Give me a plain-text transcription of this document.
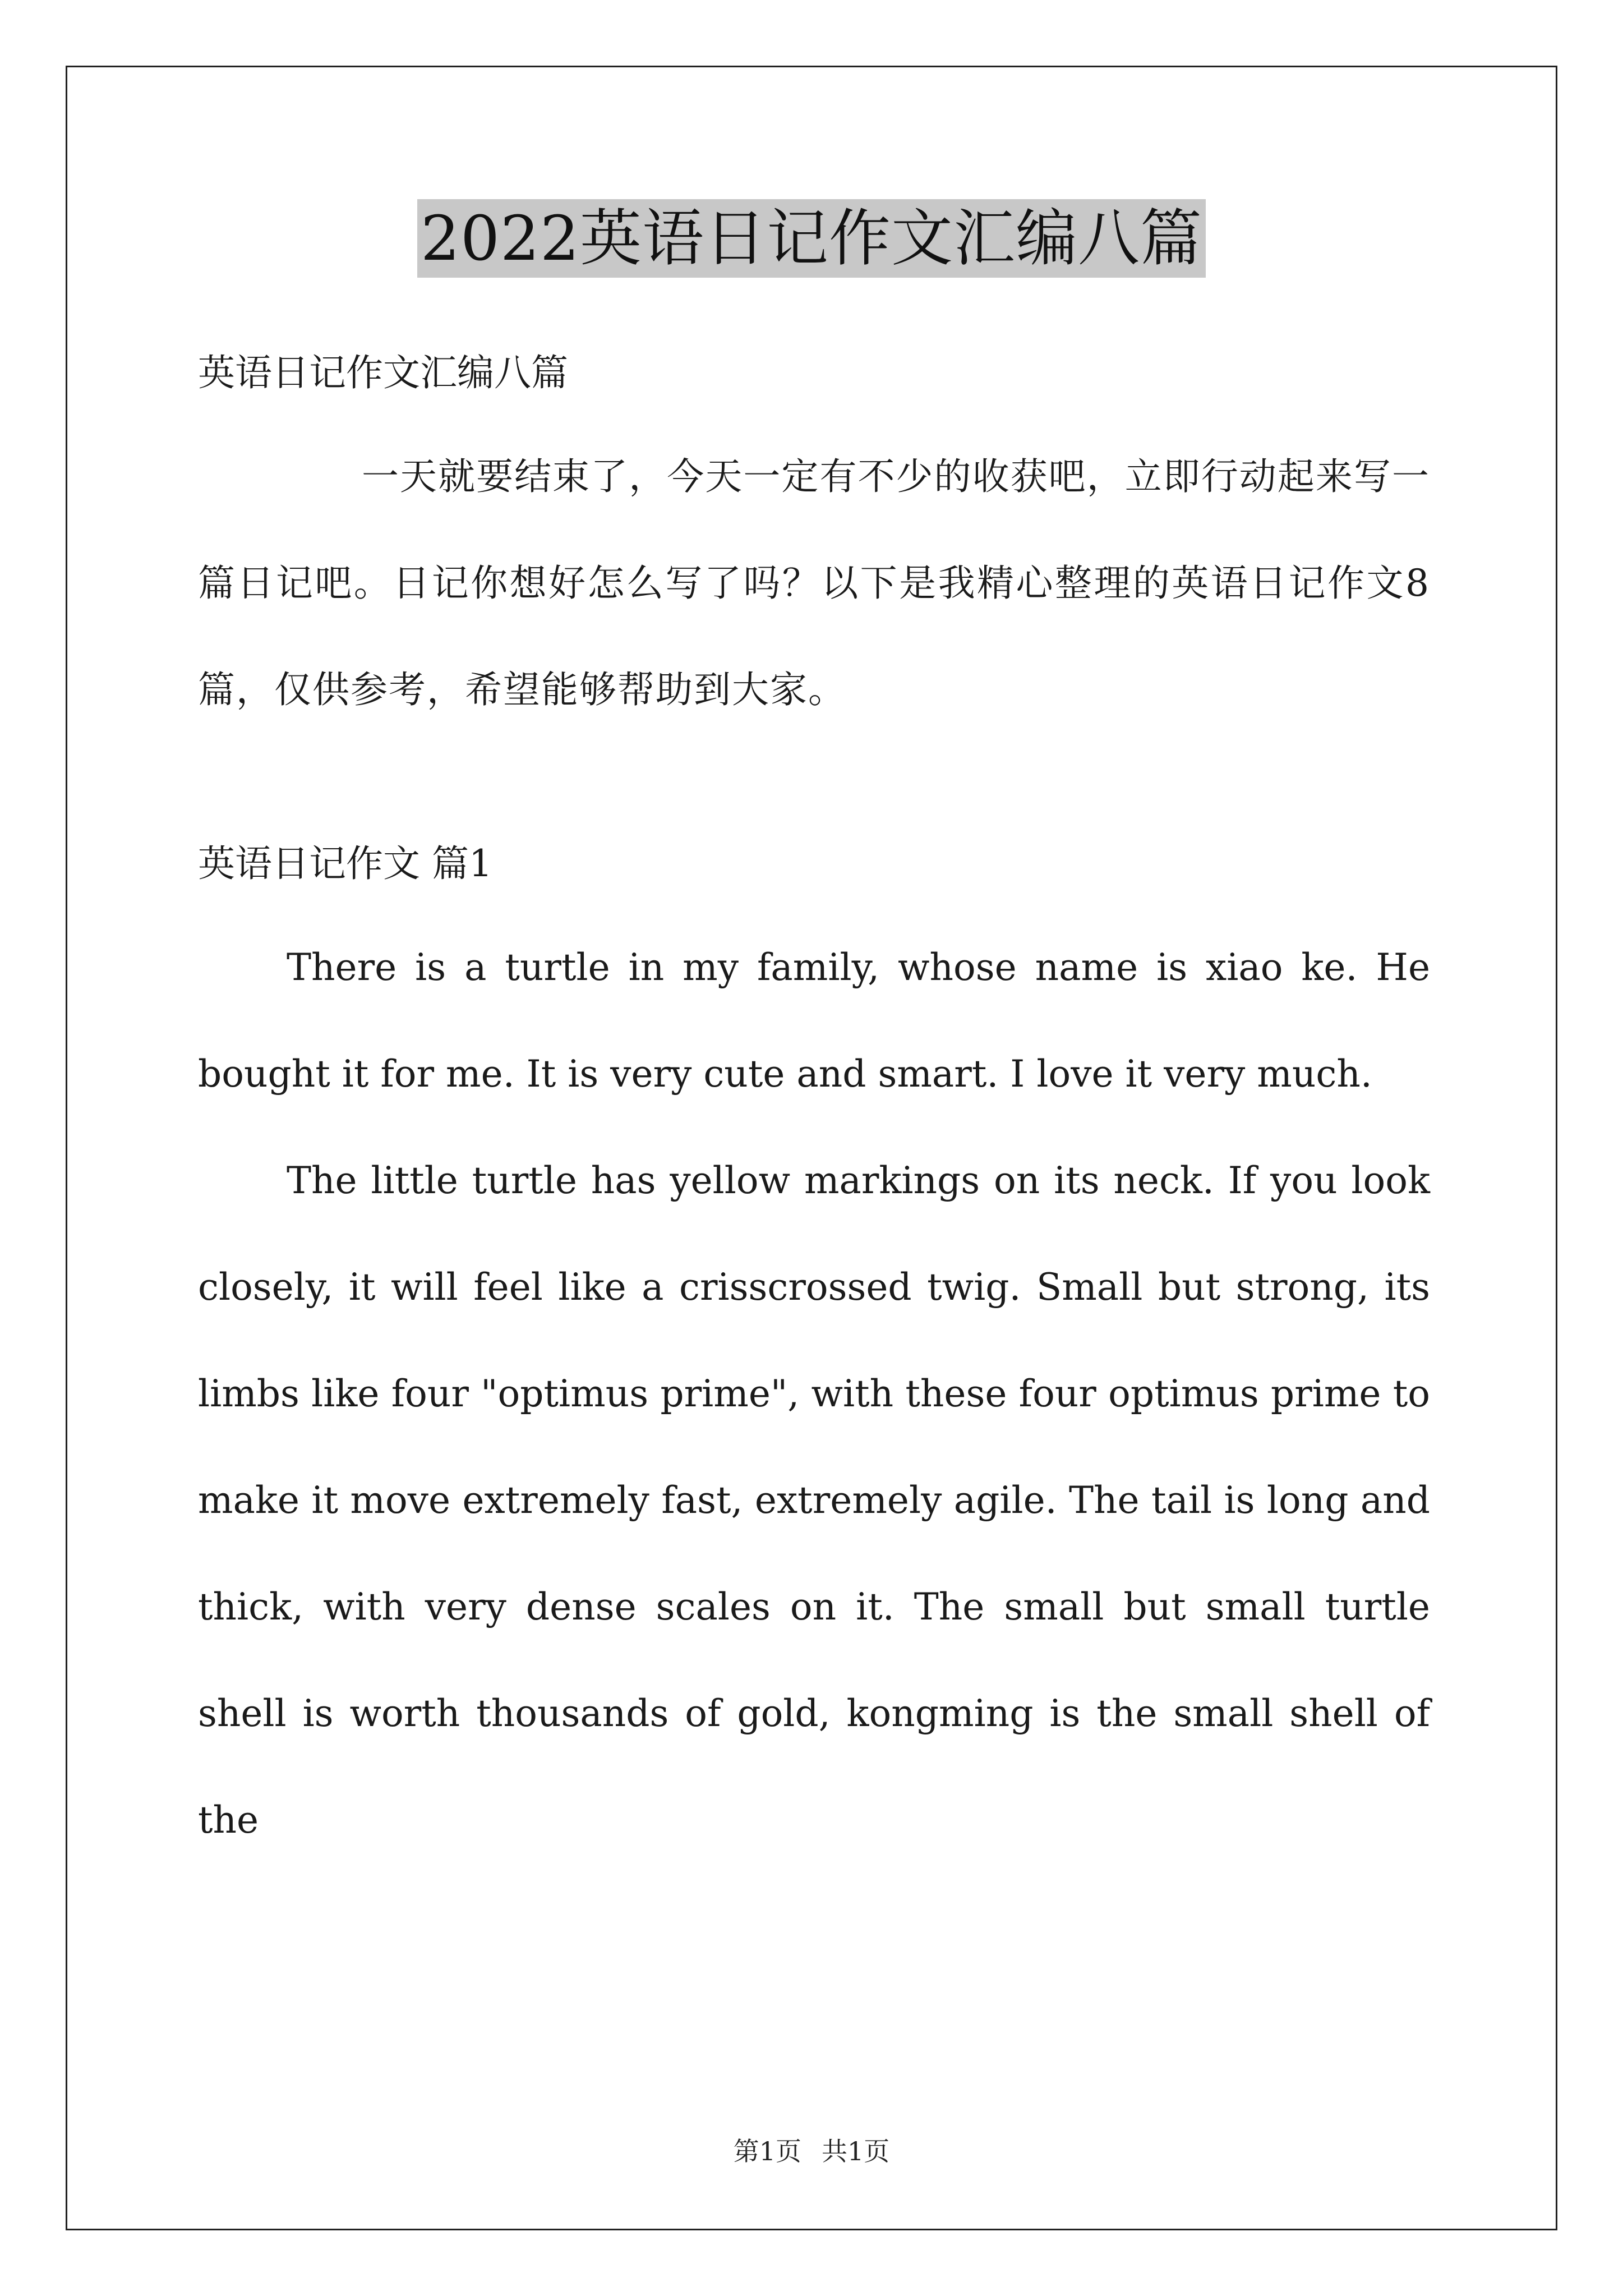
2022英语日记作文汇编八篇

英语日记作文汇编八篇

一天就要结束了，今天一定有不少的收获吧，立即行动起来写一篇日记吧。日记你想好怎么写了吗？以下是我精心整理的英语日记作文8篇，仅供参考，希望能够帮助到大家。

英语日记作文 篇1

There is a turtle in my family, whose name is xiao ke. He bought it for me. It is very cute and smart. I love it very much.

The little turtle has yellow markings on its neck. If you look closely, it will feel like a crisscrossed twig. Small but strong, its limbs like four "optimus prime", with these four optimus prime to make it move extremely fast, extremely agile. The tail is long and thick, with very dense scales on it. The small but small turtle shell is worth thousands of gold, kongming is the small shell of the

第1页 共1页
